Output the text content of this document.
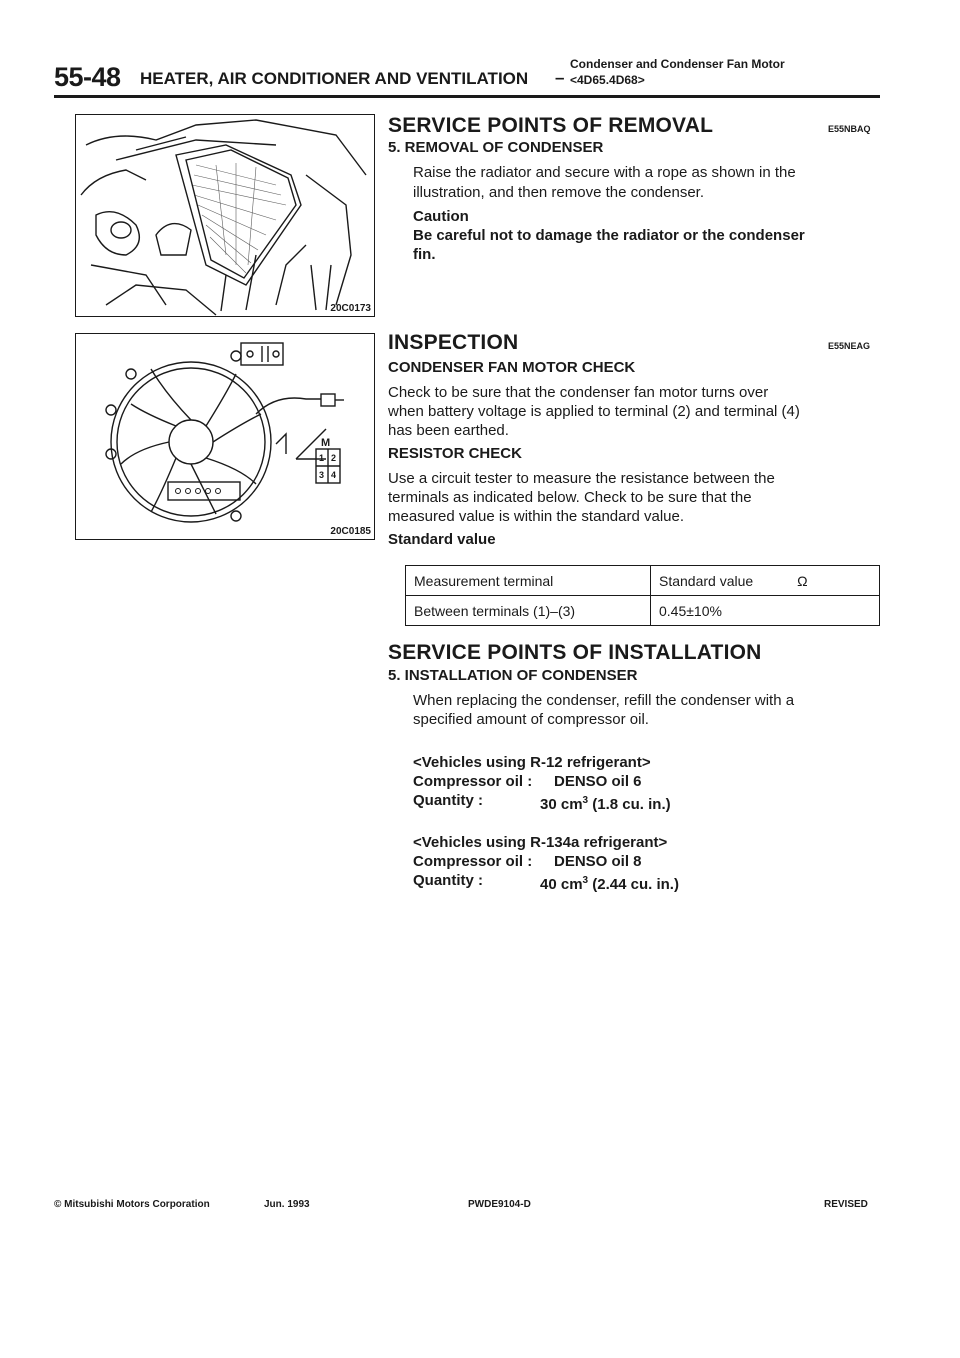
55-48 HEATER, AIR CONDITIONER AND VENTILATION –
Condenser and Condenser Fan Motor
<4D65.4D68>
20C0173
1 2
3 4
M
20C0185
SERVICE POINTS OF REMOVAL	E55NBAQ
5. REMOVAL OF CONDENSER
Raise the radiator and secure with a rope as shown in the
illustration, and then remove the condenser.
Caution
Be careful not to damage the radiator or the condenser
fin.
INSPECTION	E55NEAG
CONDENSER FAN MOTOR CHECK
Check to be sure that the condenser fan motor turns over
when battery voltage is applied to terminal (2) and terminal (4)
has been earthed.
RESISTOR CHECK
Use a circuit tester to measure the resistance between the
terminals as indicated below. Check to be sure that the
measured value is within the standard value.
Standard value
Measurement terminal	Standard value Ω
Between terminals (1)–(3)	0.45±10%
SERVICE POINTS OF INSTALLATION
5. INSTALLATION OF CONDENSER
When replacing the condenser, refill the condenser with a
specified amount of compressor oil.
<Vehicles using R-12 refrigerant>
Compressor oil : DENSO oil 6
Quantity :	30 $cm^3$ (1.8 cu. in.)
<Vehicles using R-134a refrigerant>
Compressor oil : DENSO oil 8
Quantity :	40 $cm^3$ (2.44 cu. in.)
© Mitsubishi Motors Corporation	Jun. 1993	PWDE9104-D	REVISED
